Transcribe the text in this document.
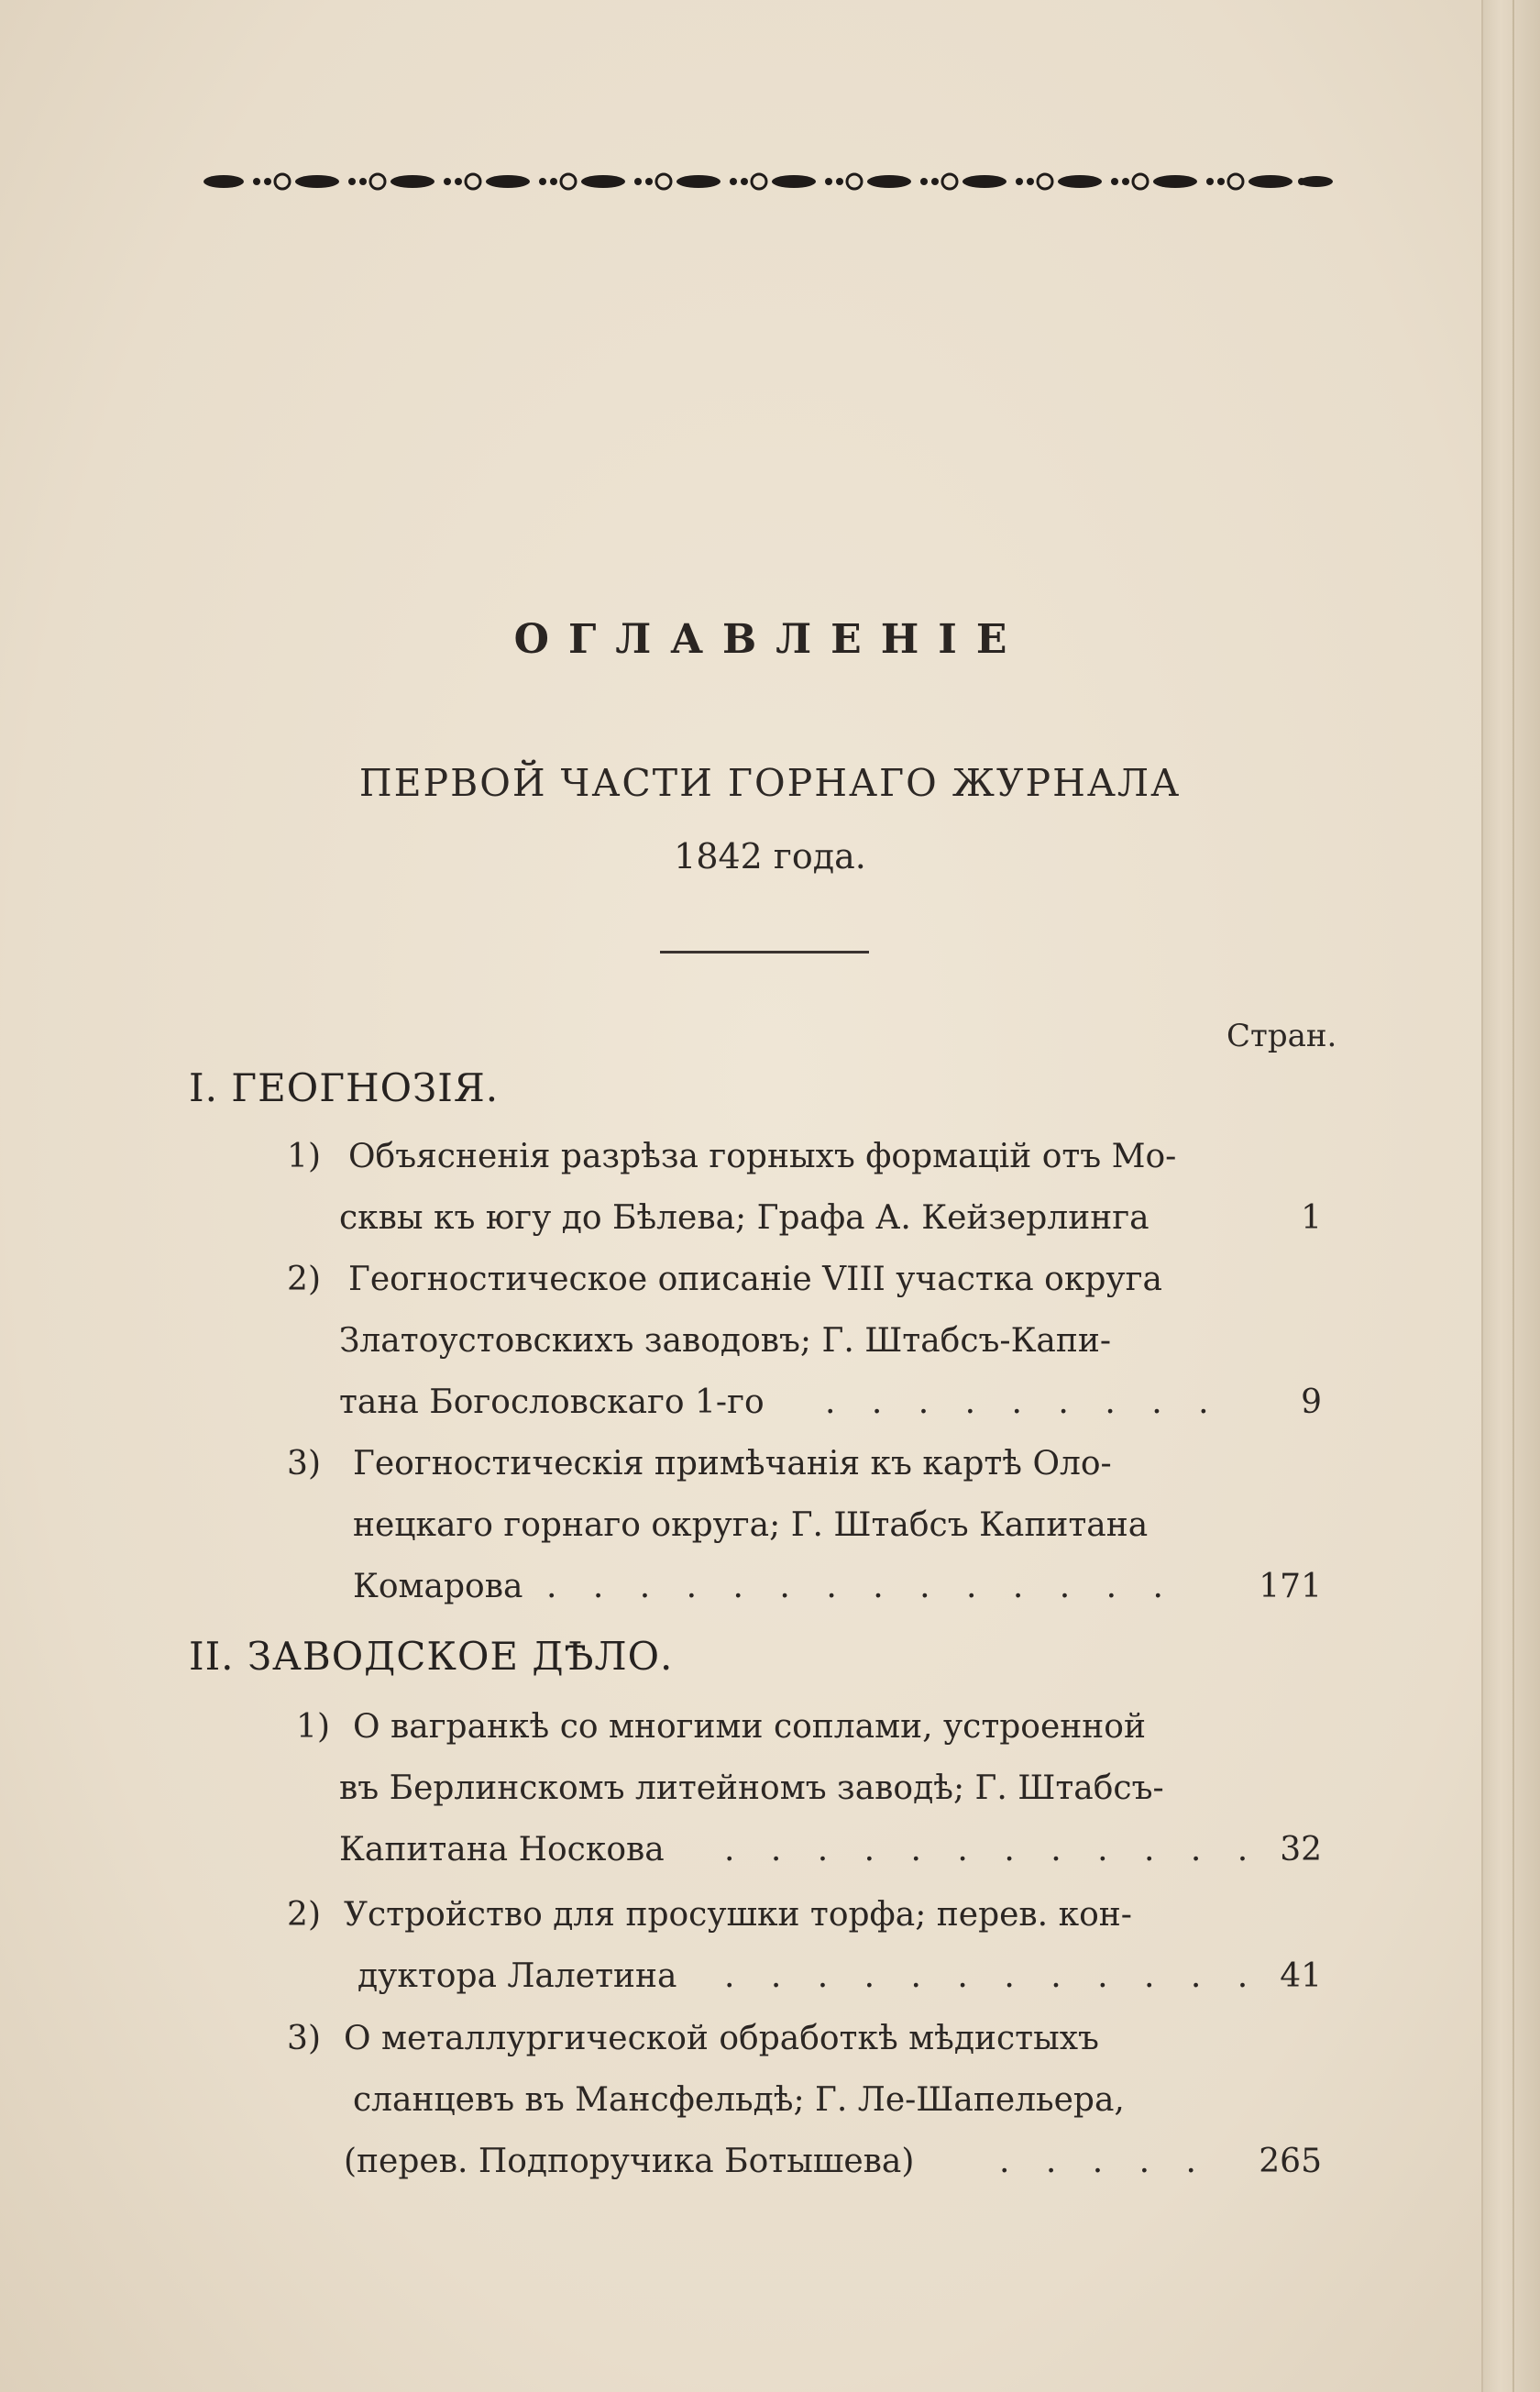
ОГЛАВЛЕНIЕ
ПЕРВОЙ ЧАСТИ ГОРНАГО ЖУРНАЛА
1842 года.
Стран.
I. ГЕОГНОЗIЯ.
1) Объясненiя разрѣза горныхъ формацiй отъ Мо-
сквы къ югу до Бѣлева; Графа А. Кейзерлинга	1
2) Геогностическое описанiе VIII участка округа
Златоустовскихъ заводовъ; Г. Штабсъ-Капи-
тана Богословскаго 1-го . . . . . . . . . 9
3) Геогностическiя примѣчанiя къ картѣ Оло-
нецкаго горнаго округа; Г. Штабсъ Капитана
Комарова . . . . . . . . . . . . . .	171
II. ЗАВОДСКОЕ ДѢЛО.
1) О вагранкѣ со многими соплами, устроенной
въ Берлинскомъ литейномъ заводѣ; Г. Штабсъ-
Капитана Носкова . . . . . . . . . . . . 32
2) Устройство для просушки торфа; перев. кон-
дуктора Лалетина . . . . . . . . . . . . 41
3) О металлургической обработкѣ мѣдистыхъ
сланцевъ въ Мансфельдѣ; Г. Ле-Шапельера,
(перев. Подпоручика Ботышева)	. . . . . 265
